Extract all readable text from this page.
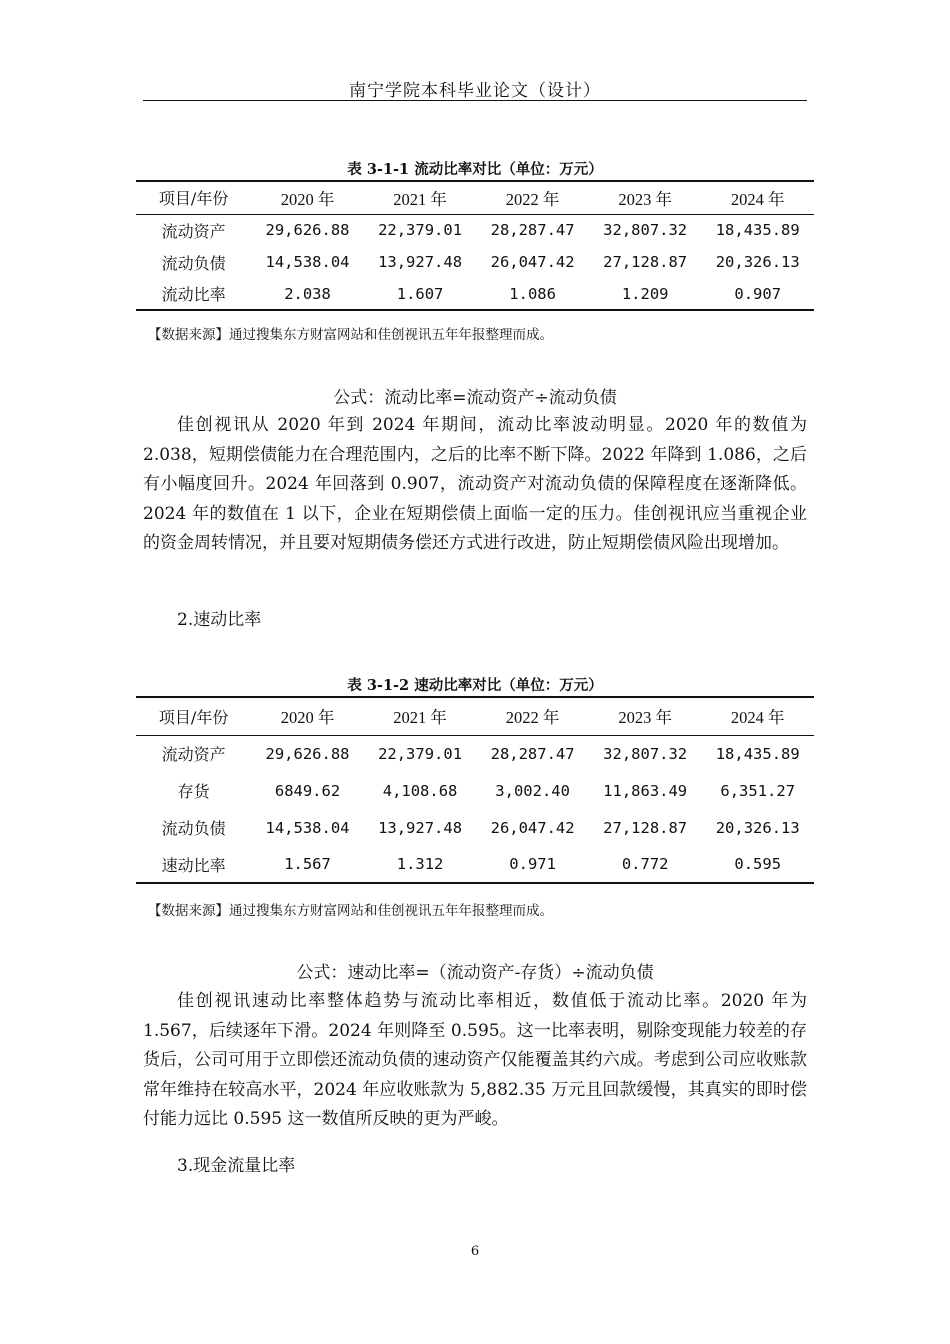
南宁学院本科毕业论文（设计）
表 3-1-1 流动比率对比（单位：万元）
项目/年份	2020 年	2021 年	2022 年	2023 年	2024 年
流动资产	29,626.88	22,379.01	28,287.47	32,807.32	18,435.89
流动负债	14,538.04	13,927.48	26,047.42	27,128.87	20,326.13
流动比率	2.038	1.607	1.086	1.209	0.907
【数据来源】通过搜集东方财富网站和佳创视讯五年年报整理而成。
公式：流动比率=流动资产÷流动负债

佳创视讯从 2020 年到 2024 年期间，流动比率波动明显。2020 年的数值为 2.038，短期偿债能力在合理范围内，之后的比率不断下降。2022 年降到 1.086，之后有小幅度回升。2024 年回落到 0.907，流动资产对流动负债的保障程度在逐渐降低。2024 年的数值在 1 以下，企业在短期偿债上面临一定的压力。佳创视讯应当重视企业的资金周转情况，并且要对短期债务偿还方式进行改进，防止短期偿债风险出现增加。

2.速动比率
表 3-1-2 速动比率对比（单位：万元）
项目/年份	2020 年	2021 年	2022 年	2023 年	2024 年
流动资产	29,626.88	22,379.01	28,287.47	32,807.32	18,435.89
存货	6849.62	4,108.68	3,002.40	11,863.49	6,351.27
流动负债	14,538.04	13,927.48	26,047.42	27,128.87	20,326.13
速动比率	1.567	1.312	0.971	0.772	0.595
【数据来源】通过搜集东方财富网站和佳创视讯五年年报整理而成。
公式：速动比率=（流动资产-存货）÷流动负债

佳创视讯速动比率整体趋势与流动比率相近，数值低于流动比率。2020 年为 1.567，后续逐年下滑。2024 年则降至 0.595。这一比率表明，剔除变现能力较差的存货后，公司可用于立即偿还流动负债的速动资产仅能覆盖其约六成。考虑到公司应收账款常年维持在较高水平，2024 年应收账款为 5,882.35 万元且回款缓慢，其真实的即时偿付能力远比 0.595 这一数值所反映的更为严峻。

3.现金流量比率
6
